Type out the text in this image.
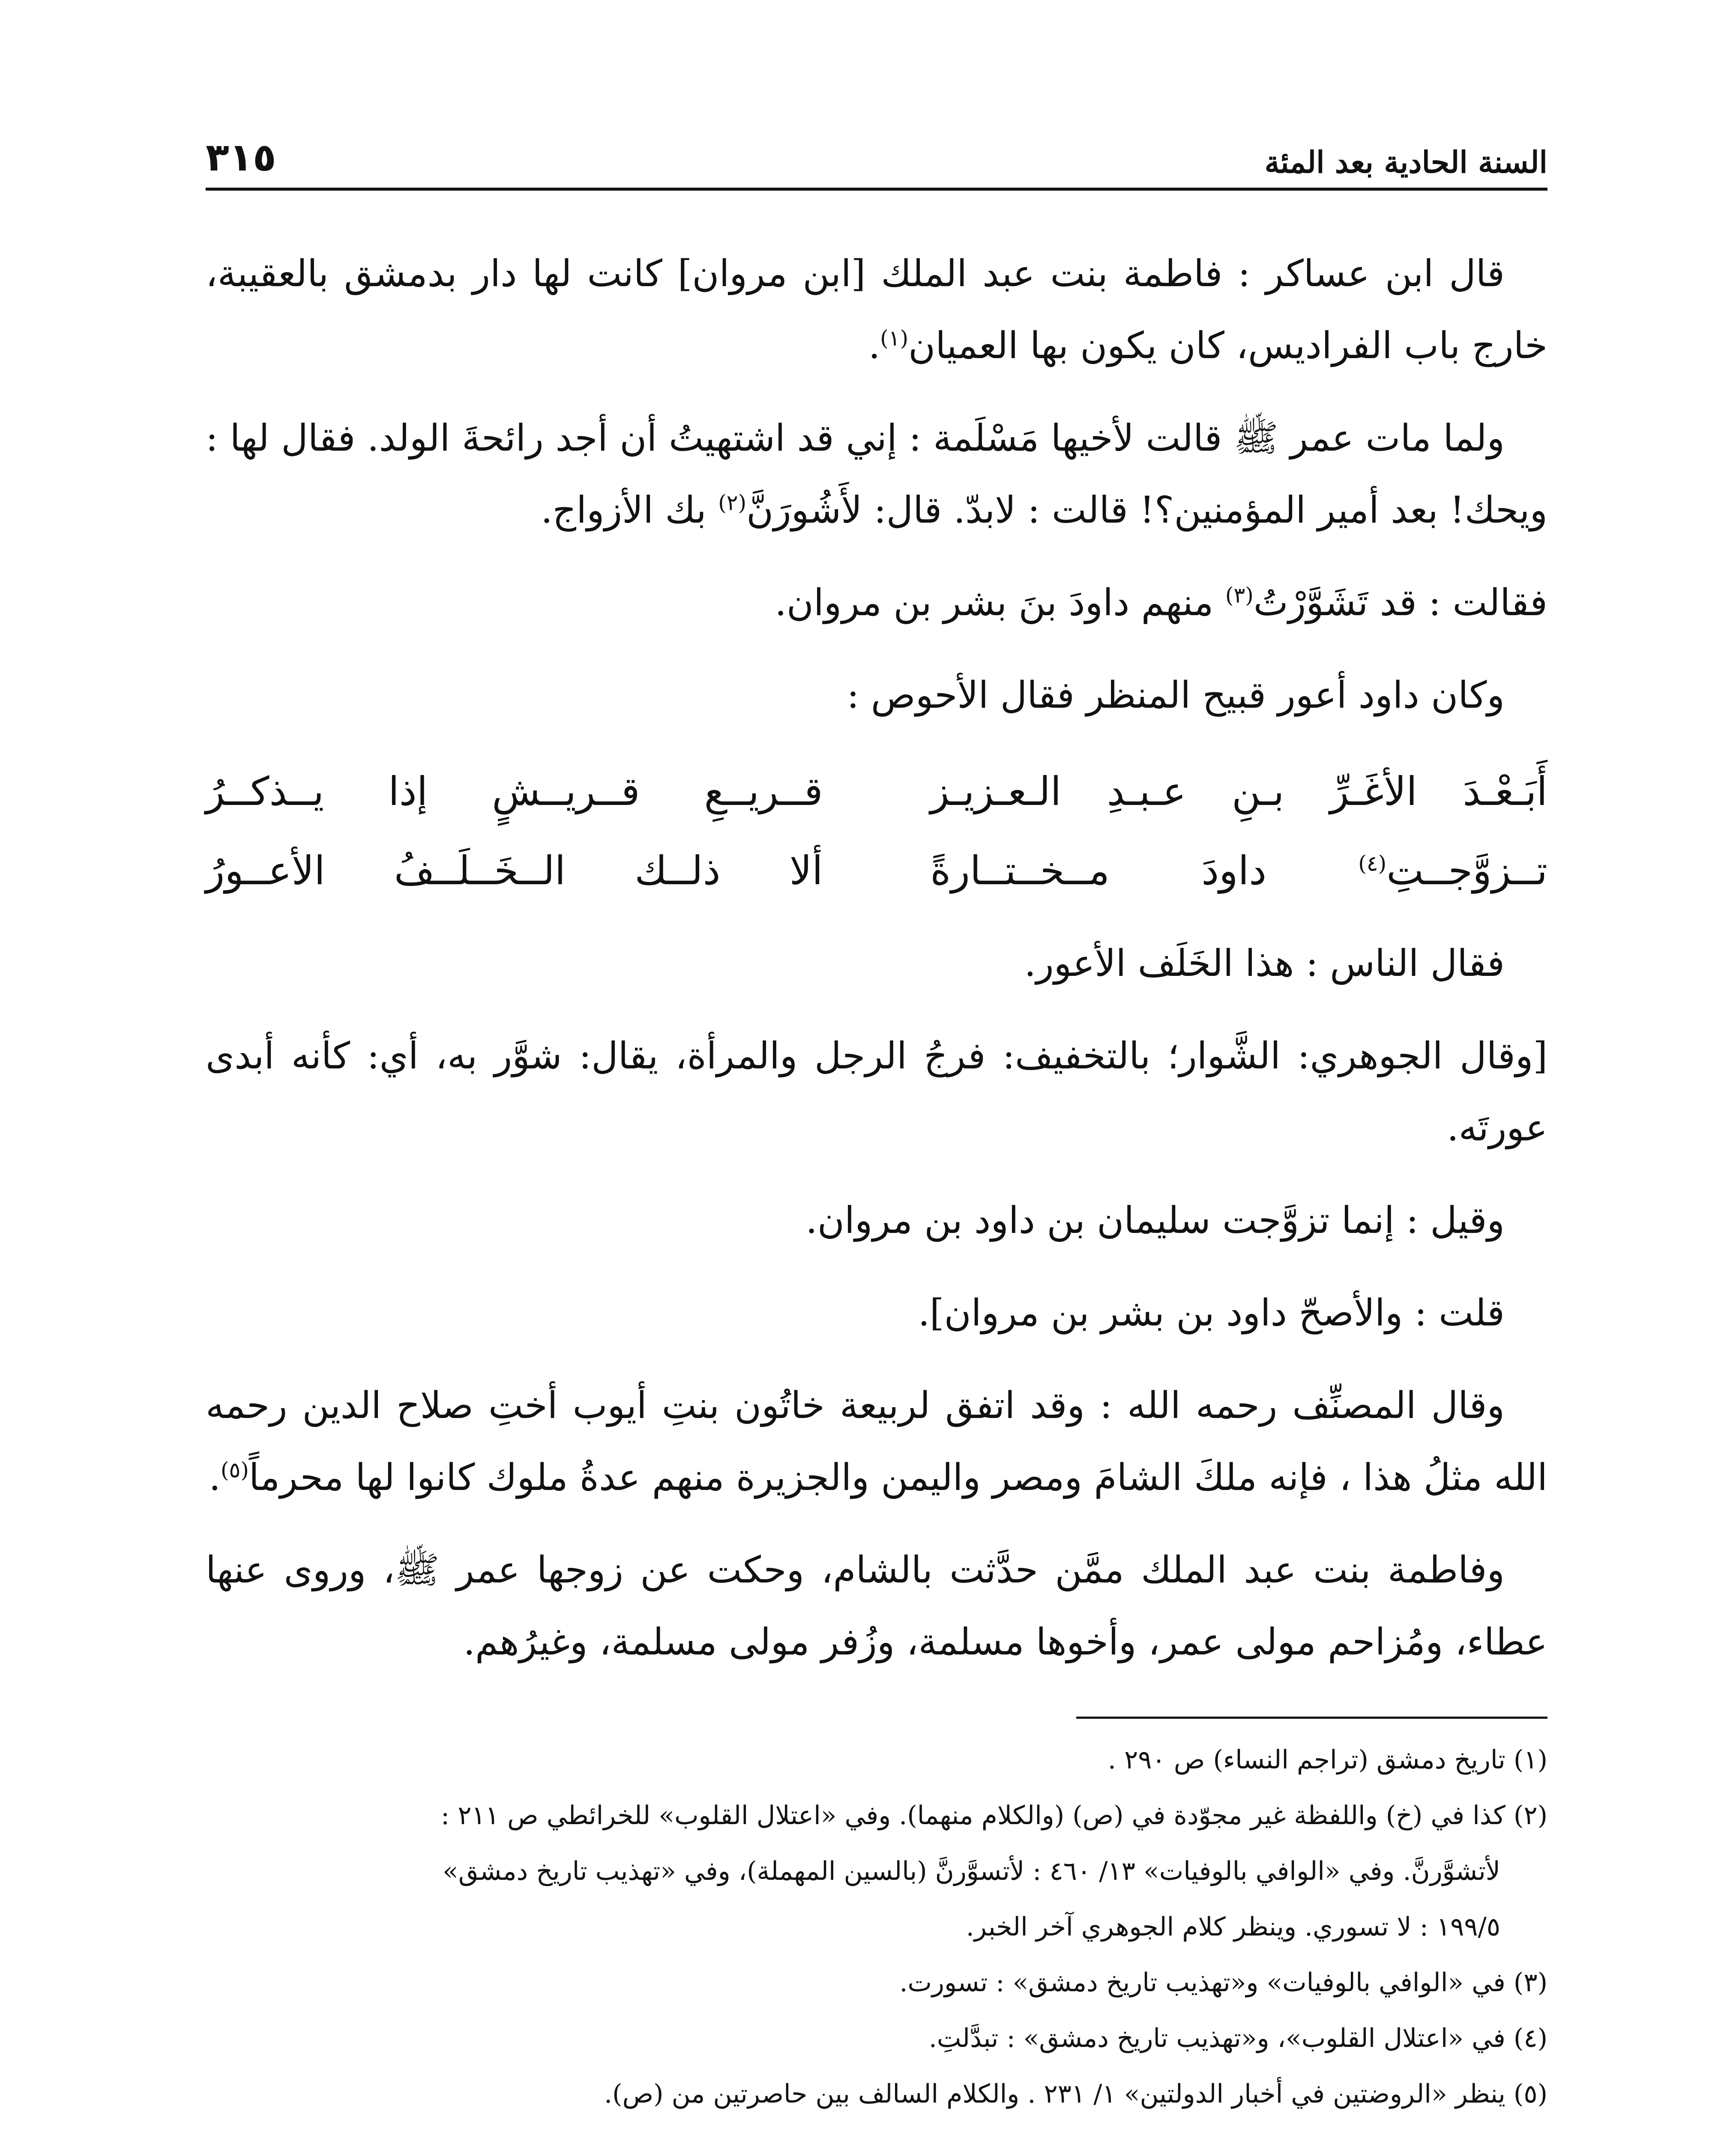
السنة الحادية بعد المئة
٣١٥

قال ابن عساكر : فاطمة بنت عبد الملك [ابن مروان] كانت لها دار بدمشق بالعقيبة، خارج باب الفراديس، كان يكون بها العميان$^{(١)}$.

ولما مات عمر ﷺ قالت لأخيها مَسْلَمة : إني قد اشتهيتُ أن أجد رائحةَ الولد. فقال لها : ويحك! بعد أمير المؤمنين؟! قالت : لابدّ. قال: لأَشُورَنَّ$^{(٢)}$ بك الأزواج.

فقالت : قد تَشَوَّرْتُ$^{(٣)}$ منهم داودَ بنَ بشر بن مروان.

وكان داود أعور قبيح المنظر فقال الأحوص :

أَبَـعْـدَ الأغَـرِّ بـنِ عـبـدِ الـعـزيـز
قــريــعِ قــريــشٍ إذا يــذكــرُ
تــزوَّجــتِ$^{(٤)}$ داودَ مــخــتــارةً
ألا ذلــك الــخَــلَــفُ الأعــورُ

فقال الناس : هذا الخَلَف الأعور.

[وقال الجوهري: الشَّوار؛ بالتخفيف: فرجُ الرجل والمرأة، يقال: شوَّر به، أي: كأنه أبدى عورتَه.

وقيل : إنما تزوَّجت سليمان بن داود بن مروان.

قلت : والأصحّ داود بن بشر بن مروان].

وقال المصنِّف رحمه الله : وقد اتفق لربيعة خاتُون بنتِ أيوب أختِ صلاح الدين رحمه الله مثلُ هذا ، فإنه ملكَ الشامَ ومصر واليمن والجزيرة منهم عدةُ ملوك كانوا لها محرماً$^{(٥)}$.

وفاطمة بنت عبد الملك ممَّن حدَّثت بالشام، وحكت عن زوجها عمر ﷺ، وروى عنها عطاء، ومُزاحم مولى عمر، وأخوها مسلمة، وزُفر مولى مسلمة، وغيرُهم.

(١) تاريخ دمشق (تراجم النساء) ص ٢٩٠ .
(٢) كذا في (خ) واللفظة غير مجوّدة في (ص) (والكلام منهما). وفي «اعتلال القلوب» للخرائطي ص ٢١١ :
لأتشوَّرنَّ. وفي «الوافي بالوفيات» ١٣/ ٤٦٠ : لأتسوَّرنَّ (بالسين المهملة)، وفي «تهذيب تاريخ دمشق»
١٩٩/٥ : لا تسوري. وينظر كلام الجوهري آخر الخبر.
(٣) في «الوافي بالوفيات» و«تهذيب تاريخ دمشق» : تسورت.
(٤) في «اعتلال القلوب»، و«تهذيب تاريخ دمشق» : تبدَّلتِ.
(٥) ينظر «الروضتين في أخبار الدولتين» ١/ ٢٣١ . والكلام السالف بين حاصرتين من (ص).
